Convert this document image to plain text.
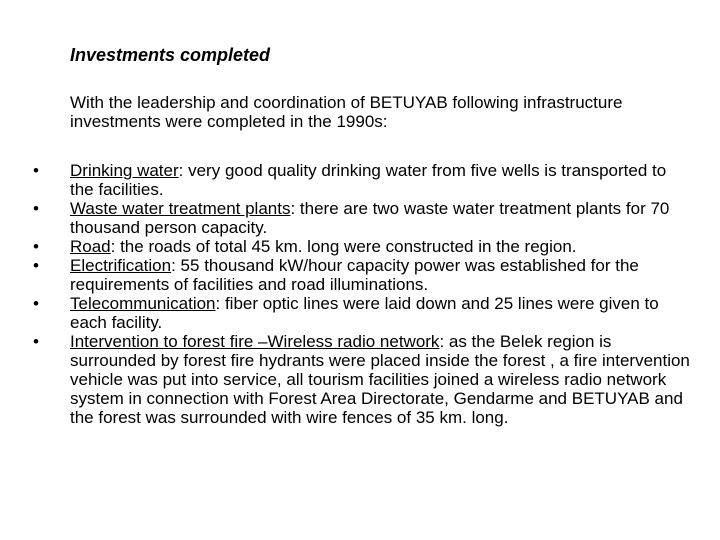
Investments completed

With the leadership and coordination of BETUYAB following infrastructure investments were completed in the 1990s:

• Drinking water: very good quality drinking water from five wells is transported to the facilities.
• Waste water treatment plants: there are two waste water treatment plants for 70 thousand person capacity.
• Road: the roads of total 45 km. long were constructed in the region.
• Electrification: 55 thousand kW/hour capacity power was established for the requirements of facilities and road illuminations.
• Telecommunication: fiber optic lines were laid down and 25 lines were given to each facility.
• Intervention to forest fire –Wireless radio network: as the Belek region is surrounded by forest fire hydrants were placed inside the forest , a fire intervention vehicle was put into service, all tourism facilities joined a wireless radio network system in connection with Forest Area Directorate, Gendarme and BETUYAB and the forest was surrounded with wire fences of 35 km. long.
